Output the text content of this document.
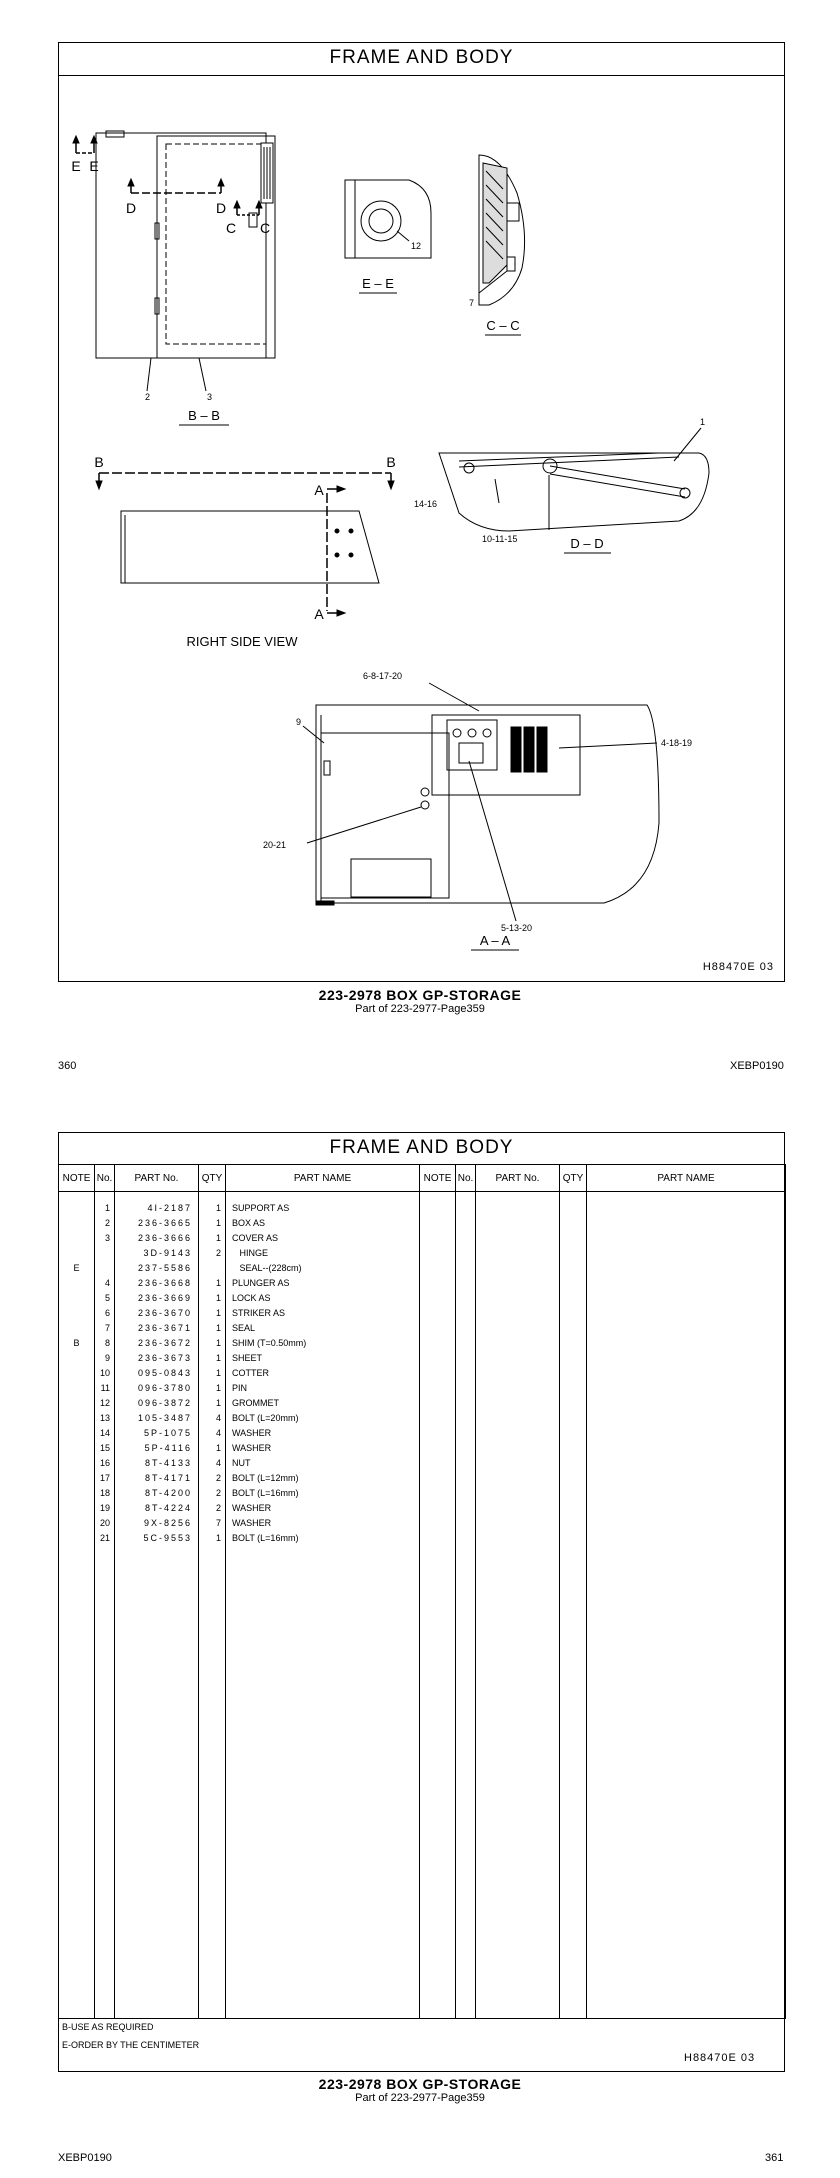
FRAME AND BODY
E E
D	D
C C
B	B
A
A
B – B
E – E
C – C
D – D
A – A
RIGHT SIDE VIEW
2	3
12
7
1
14-16
10-11-15
6-8-17-20
9
4-18-19
20-21
5-13-20
H88470E 03
223-2978 BOX GP-STORAGE
Part of 223-2977-Page359
360	XEBP0190
FRAME AND BODY
NOTE	No.	PART No.	QTY	PART NAME	NOTE	No.	PART No.	QTY	PART NAME
	1	4I-2187	1	SUPPORT AS					
	2	236-3665	1	BOX AS					
	3	236-3666	1	COVER AS					
		3D-9143	2	HINGE					
E		237-5586		SEAL--(228cm)					
	4	236-3668	1	PLUNGER AS					
	5	236-3669	1	LOCK AS					
	6	236-3670	1	STRIKER AS					
	7	236-3671	1	SEAL					
B	8	236-3672	1	SHIM (T=0.50mm)					
	9	236-3673	1	SHEET					
	10	095-0843	1	COTTER					
	11	096-3780	1	PIN					
	12	096-3872	1	GROMMET					
	13	105-3487	4	BOLT (L=20mm)					
	14	5P-1075	4	WASHER					
	15	5P-4116	1	WASHER					
	16	8T-4133	4	NUT					
	17	8T-4171	2	BOLT (L=12mm)					
	18	8T-4200	2	BOLT (L=16mm)					
	19	8T-4224	2	WASHER					
	20	9X-8256	7	WASHER					
	21	5C-9553	1	BOLT (L=16mm)					

B-USE AS REQUIRED
E-ORDER BY THE CENTIMETER
H88470E 03
223-2978 BOX GP-STORAGE
Part of 223-2977-Page359
XEBP0190	361
